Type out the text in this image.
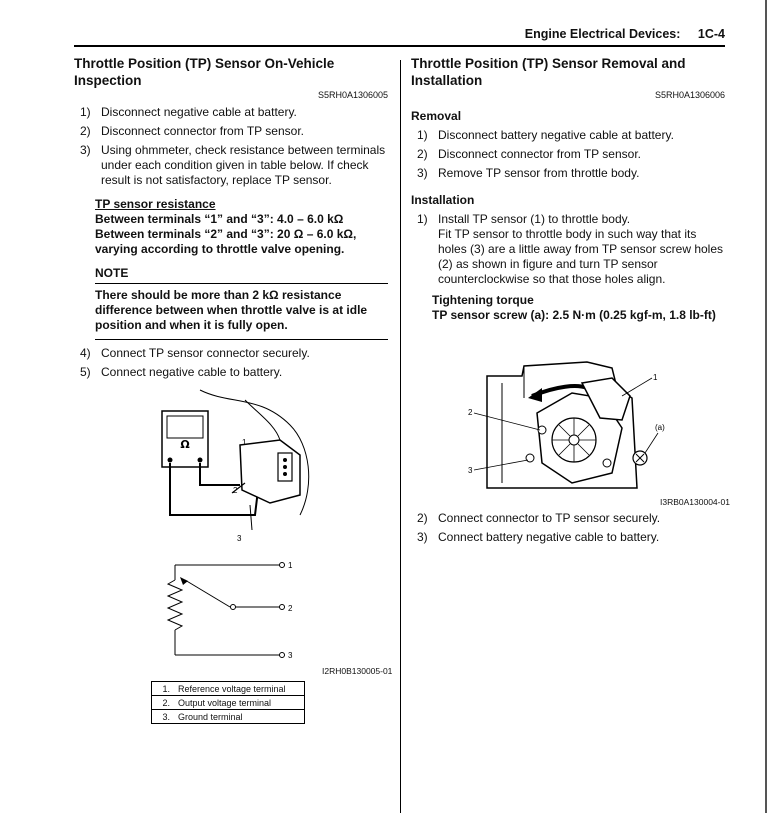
Engine Electrical Devices: 1C-4
Throttle Position (TP) Sensor On-Vehicle Inspection
S5RH0A1306005
1) Disconnect negative cable at battery.
2) Disconnect connector from TP sensor.
3) Using ohmmeter, check resistance between terminals under each condition given in table below. If check result is not satisfactory, replace TP sensor.
TP sensor resistance
Between terminals “1” and “3”: 4.0 – 6.0 kΩ
Between terminals “2” and “3”: 20 Ω – 6.0 kΩ, varying according to throttle valve opening.
NOTE
There should be more than 2 kΩ resistance difference between when throttle valve is at idle position and when it is fully open.
4) Connect TP sensor connector securely.
5) Connect negative cable to battery.
Ω	1
2
3
1
2
3
I2RH0B130005-01
1.	Reference voltage terminal
2.	Output voltage terminal
3.	Ground terminal
Throttle Position (TP) Sensor Removal and Installation
S5RH0A1306006
Removal
1) Disconnect battery negative cable at battery.
2) Disconnect connector from TP sensor.
3) Remove TP sensor from throttle body.
Installation
1) Install TP sensor (1) to throttle body.
Fit TP sensor to throttle body in such way that its holes (3) are a little away from TP sensor screw holes (2) as shown in figure and turn TP sensor counterclockwise so that those holes align.
Tightening torque
TP sensor screw (a): 2.5 N·m (0.25 kgf-m, 1.8 lb-ft)
2) Connect connector to TP sensor securely.
3) Connect battery negative cable to battery.
1
2
3
(a)
I3RB0A130004-01
